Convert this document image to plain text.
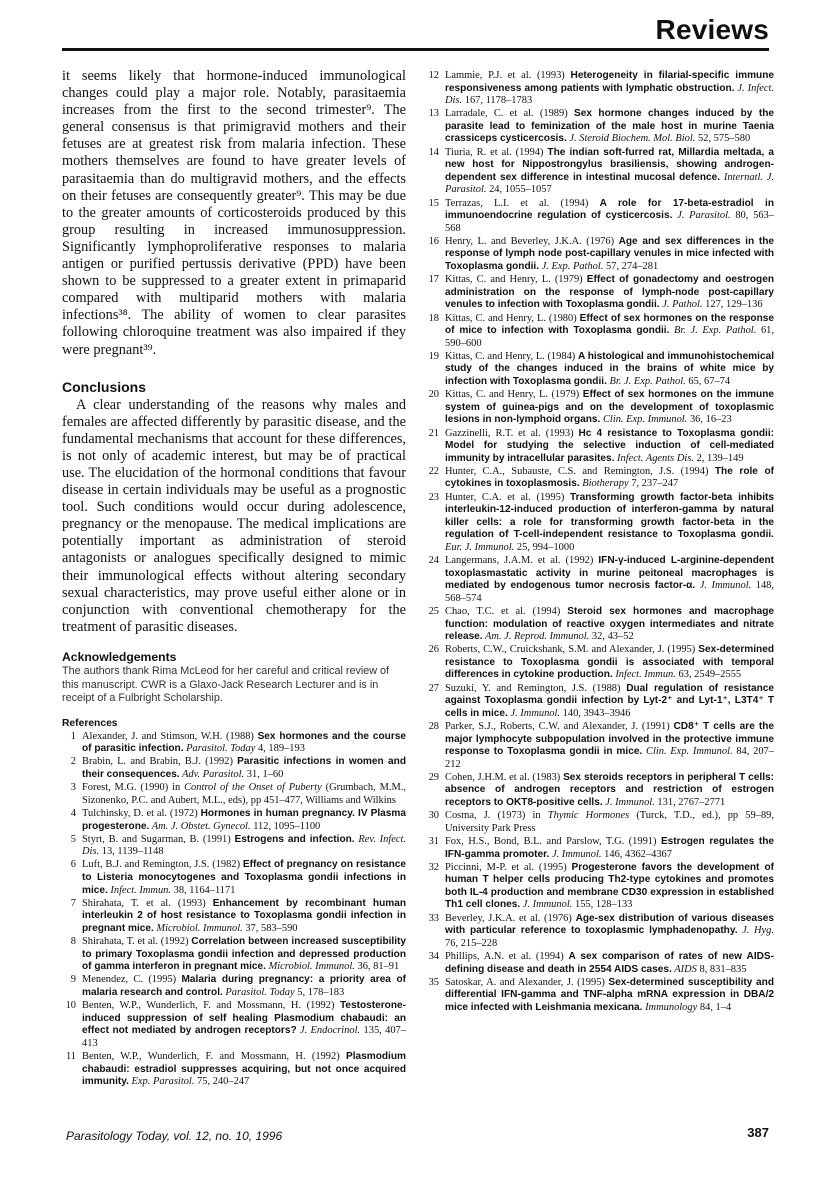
Reviews

it seems likely that hormone-induced immunological changes could play a major role. Notably, parasitaemia increases from the first to the second trimester⁹. The general consensus is that primigravid mothers and their fetuses are at greatest risk from malaria infection. These mothers themselves are found to have greater levels of parasitaemia than do multigravid mothers, and the effects on their fetuses are consequently greater⁹. This may be due to the greater amounts of corticosteroids produced by this group resulting in increased immunosuppression. Significantly lymphoproliferative responses to malaria antigen or purified pertussis derivative (PPD) have been shown to be suppressed to a greater extent in primaparid compared with multiparid mothers with malaria infections³⁸. The ability of women to clear parasites following chloroquine treatment was also impaired if they were pregnant³⁹.

Conclusions

A clear understanding of the reasons why males and females are affected differently by parasitic disease, and the fundamental mechanisms that account for these differences, is not only of academic interest, but may be of practical use. The elucidation of the hormonal conditions that favour disease in certain individuals may be useful as a prognostic tool. Such conditions would occur during adolescence, pregnancy or the menopause. The medical implications are potentially important as administration of steroid antagonists or analogues specifically designed to mimic their immunological effects without altering secondary sexual characteristics, may prove useful either alone or in conjunction with conventional chemotherapy for the treatment of parasitic diseases.

Acknowledgements

The authors thank Rima McLeod for her careful and critical review of this manuscript. CWR is a Glaxo-Jack Research Lecturer and is in receipt of a Fulbright Scholarship.

References
1 Alexander, J. and Stimson, W.H. (1988) Sex hormones and the course of parasitic infection. Parasitol. Today 4, 189–193
2 Brabin, L. and Brabin, B.J. (1992) Parasitic infections in women and their consequences. Adv. Parasitol. 31, 1–60
3 Forest, M.G. (1990) in Control of the Onset of Puberty (Grumbach, M.M., Sizonenko, P.C. and Aubert, M.L., eds), pp 451–477, Williams and Wilkins
4 Tulchinsky, D. et al. (1972) Hormones in human pregnancy. IV Plasma progesterone. Am. J. Obstet. Gynecol. 112, 1095–1100
5 Styrt, B. and Sugarman, B. (1991) Estrogens and infection. Rev. Infect. Dis. 13, 1139–1148
6 Luft, B.J. and Remington, J.S. (1982) Effect of pregnancy on resistance to Listeria monocytogenes and Toxoplasma gondii infections in mice. Infect. Immun. 38, 1164–1171
7 Shirahata, T. et al. (1993) Enhancement by recombinant human interleukin 2 of host resistance to Toxoplasma gondii infection in pregnant mice. Microbiol. Immunol. 37, 583–590
8 Shirahata, T. et al. (1992) Correlation between increased susceptibility to primary Toxoplasma gondii infection and depressed production of gamma interferon in pregnant mice. Microbiol. Immunol. 36, 81–91
9 Menendez, C. (1995) Malaria during pregnancy: a priority area of malaria research and control. Parasitol. Today 5, 178–183
10 Benten, W.P., Wunderlich, F. and Mossmann, H. (1992) Testosterone-induced suppression of self healing Plasmodium chabaudi: an effect not mediated by androgen receptors? J. Endocrinol. 135, 407–413
11 Benten, W.P., Wunderlich, F. and Mossmann, H. (1992) Plasmodium chabaudi: estradiol suppresses acquiring, but not once acquired immunity. Exp. Parasitol. 75, 240–247
12 Lammie, P.J. et al. (1993) Heterogeneity in filarial-specific immune responsiveness among patients with lymphatic obstruction. J. Infect. Dis. 167, 1178–1783
13 Larradale, C. et al. (1989) Sex hormone changes induced by the parasite lead to feminization of the male host in murine Taenia crassiceps cysticercosis. J. Steroid Biochem. Mol. Biol. 52, 575–580
14 Tiuria, R. et al. (1994) The indian soft-furred rat, Millardia meltada, a new host for Nippostrongylus brasiliensis, showing androgen-dependent sex difference in intestinal mucosal defence. Internatl. J. Parasitol. 24, 1055–1057
15 Terrazas, L.I. et al. (1994) A role for 17-beta-estradiol in immunoendocrine regulation of cysticercosis. J. Parasitol. 80, 563–568
16 Henry, L. and Beverley, J.K.A. (1976) Age and sex differences in the response of lymph node post-capillary venules in mice infected with Toxoplasma gondii. J. Exp. Pathol. 57, 274–281
17 Kittas, C. and Henry, L. (1979) Effect of gonadectomy and oestrogen administration on the response of lymph-node post-capillary venules to infection with Toxoplasma gondii. J. Pathol. 127, 129–136
18 Kittas, C. and Henry, L. (1980) Effect of sex hormones on the response of mice to infection with Toxoplasma gondii. Br. J. Exp. Pathol. 61, 590–600
19 Kittas, C. and Henry, L. (1984) A histological and immunohistochemical study of the changes induced in the brains of white mice by infection with Toxoplasma gondii. Br. J. Exp. Pathol. 65, 67–74
20 Kittas, C. and Henry, L. (1979) Effect of sex hormones on the immune system of guinea-pigs and on the development of toxoplasmic lesions in non-lymphoid organs. Clin. Exp. Immunol. 36, 16–23
21 Gazzinelli, R.T. et al. (1993) Hc 4 resistance to Toxoplasma gondii: Model for studying the selective induction of cell-mediated immunity by intracellular parasites. Infect. Agents Dis. 2, 139–149
22 Hunter, C.A., Subauste, C.S. and Remington, J.S. (1994) The role of cytokines in toxoplasmosis. Biotherapy 7, 237–247
23 Hunter, C.A. et al. (1995) Transforming growth factor-beta inhibits interleukin-12-induced production of interferon-gamma by natural killer cells: a role for transforming growth factor-beta in the regulation of T-cell-independent resistance to Toxoplasma gondii. Eur. J. Immunol. 25, 994–1000
24 Langermans, J.A.M. et al. (1992) IFN-γ-induced L-arginine-dependent toxoplasmastatic activity in murine peitoneal macrophages is mediated by endogenous tumor necrosis factor-α. J. Immunol. 148, 568–574
25 Chao, T.C. et al. (1994) Steroid sex hormones and macrophage function: modulation of reactive oxygen intermediates and nitrate release. Am. J. Reprod. Immunol. 32, 43–52
26 Roberts, C.W., Cruickshank, S.M. and Alexander, J. (1995) Sex-determined resistance to Toxoplasma gondii is associated with temporal differences in cytokine production. Infect. Immun. 63, 2549–2555
27 Suzuki, Y. and Remington, J.S. (1988) Dual regulation of resistance against Toxoplasma gondii infection by Lyt-2⁺ and Lyt-1⁺, L3T4⁺ T cells in mice. J. Immunol. 140, 3943–3946
28 Parker, S.J., Roberts, C.W. and Alexander, J. (1991) CD8⁺ T cells are the major lymphocyte subpopulation involved in the protective immune response to Toxoplasma gondii in mice. Clin. Exp. Immunol. 84, 207–212
29 Cohen, J.H.M. et al. (1983) Sex steroids receptors in peripheral T cells: absence of androgen receptors and restriction of estrogen receptors to OKT8-positive cells. J. Immunol. 131, 2767–2771
30 Cosma, J. (1973) in Thymic Hormones (Turck, T.D., ed.), pp 59–89, University Park Press
31 Fox, H.S., Bond, B.L. and Parslow, T.G. (1991) Estrogen regulates the IFN-gamma promoter. J. Immunol. 146, 4362–4367
32 Piccinni, M-P. et al. (1995) Progesterone favors the development of human T helper cells producing Th2-type cytokines and promotes both IL-4 production and membrane CD30 expression in established Th1 cell clones. J. Immunol. 155, 128–133
33 Beverley, J.K.A. et al. (1976) Age-sex distribution of various diseases with particular reference to toxoplasmic lymphadenopathy. J. Hyg. 76, 215–228
34 Phillips, A.N. et al. (1994) A sex comparison of rates of new AIDS-defining disease and death in 2554 AIDS cases. AIDS 8, 831–835
35 Satoskar, A. and Alexander, J. (1995) Sex-determined susceptibility and differential IFN-gamma and TNF-alpha mRNA expression in DBA/2 mice infected with Leishmania mexicana. Immunology 84, 1–4
Parasitology Today, vol. 12, no. 10, 1996	387
